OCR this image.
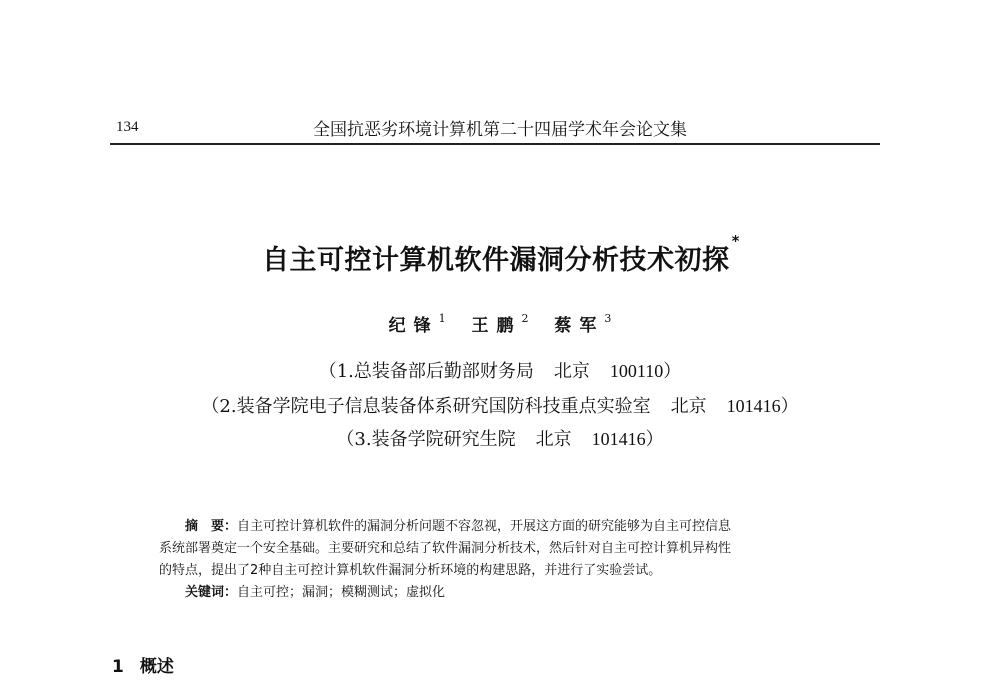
134	全国抗恶劣环境计算机第二十四届学术年会论文集
自主可控计算机软件漏洞分析技术初探*
纪锋$^1$ 王鹏$^2$ 蔡军$^3$
（1.总装备部后勤部财务局 北京 100110）
（2.装备学院电子信息装备体系研究国防科技重点实验室 北京 101416）
（3.装备学院研究生院 北京 101416）

摘　要：自主可控计算机软件的漏洞分析问题不容忽视，开展这方面的研究能够为自主可控信息

系统部署奠定一个安全基础。主要研究和总结了软件漏洞分析技术，然后针对自主可控计算机异构性

的特点，提出了2种自主可控计算机软件漏洞分析环境的构建思路，并进行了实验尝试。

关键词：自主可控；漏洞；模糊测试；虚拟化

1 概述
